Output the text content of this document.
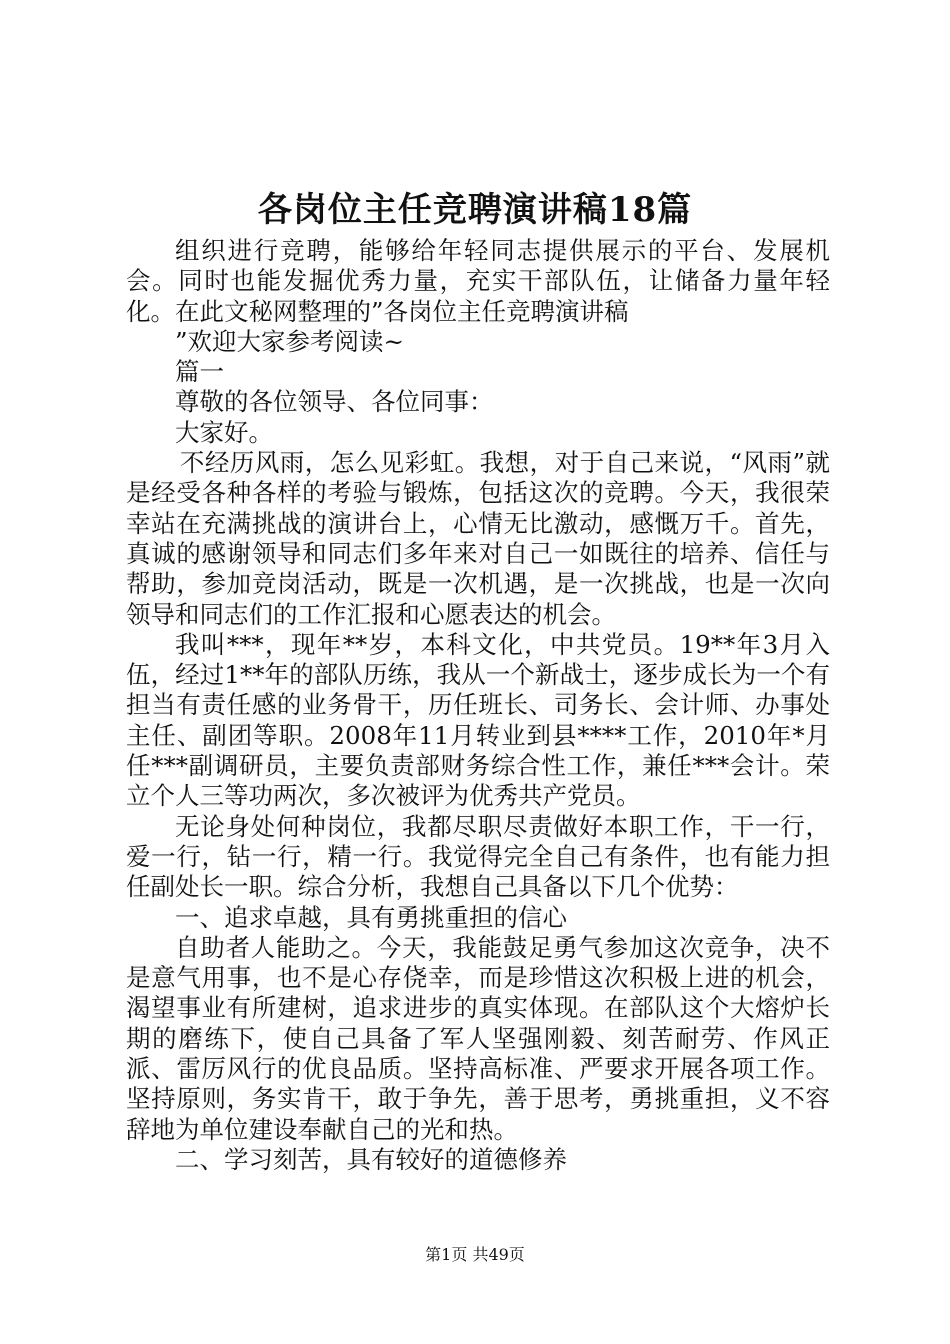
各岗位主任竞聘演讲稿18篇

组织进行竞聘，能够给年轻同志提供展示的平台、发展机会。同时也能发掘优秀力量，充实干部队伍，让储备力量年轻化。在此文秘网整理的”各岗位主任竞聘演讲稿

”欢迎大家参考阅读~

篇一

尊敬的各位领导、各位同事：

大家好。

不经历风雨，怎么见彩虹。我想，对于自己来说，“风雨”就是经受各种各样的考验与锻炼，包括这次的竞聘。今天，我很荣幸站在充满挑战的演讲台上，心情无比激动，感慨万千。首先，真诚的感谢领导和同志们多年来对自己一如既往的培养、信任与帮助，参加竞岗活动，既是一次机遇，是一次挑战，也是一次向领导和同志们的工作汇报和心愿表达的机会。

我叫***，现年**岁，本科文化，中共党员。19**年3月入伍，经过1**年的部队历练，我从一个新战士，逐步成长为一个有担当有责任感的业务骨干，历任班长、司务长、会计师、办事处主任、副团等职。2008年11月转业到县****工作，2010年*月任***副调研员，主要负责部财务综合性工作，兼任***会计。荣立个人三等功两次，多次被评为优秀共产党员。

无论身处何种岗位，我都尽职尽责做好本职工作，干一行，爱一行，钻一行，精一行。我觉得完全自己有条件，也有能力担任副处长一职。综合分析，我想自己具备以下几个优势：

一、追求卓越，具有勇挑重担的信心

自助者人能助之。今天，我能鼓足勇气参加这次竞争，决不是意气用事，也不是心存侥幸，而是珍惜这次积极上进的机会，渴望事业有所建树，追求进步的真实体现。在部队这个大熔炉长期的磨练下，使自己具备了军人坚强刚毅、刻苦耐劳、作风正派、雷厉风行的优良品质。坚持高标准、严要求开展各项工作。坚持原则，务实肯干，敢于争先，善于思考，勇挑重担，义不容辞地为单位建设奉献自己的光和热。

二、学习刻苦，具有较好的道德修养

第1页 共49页
